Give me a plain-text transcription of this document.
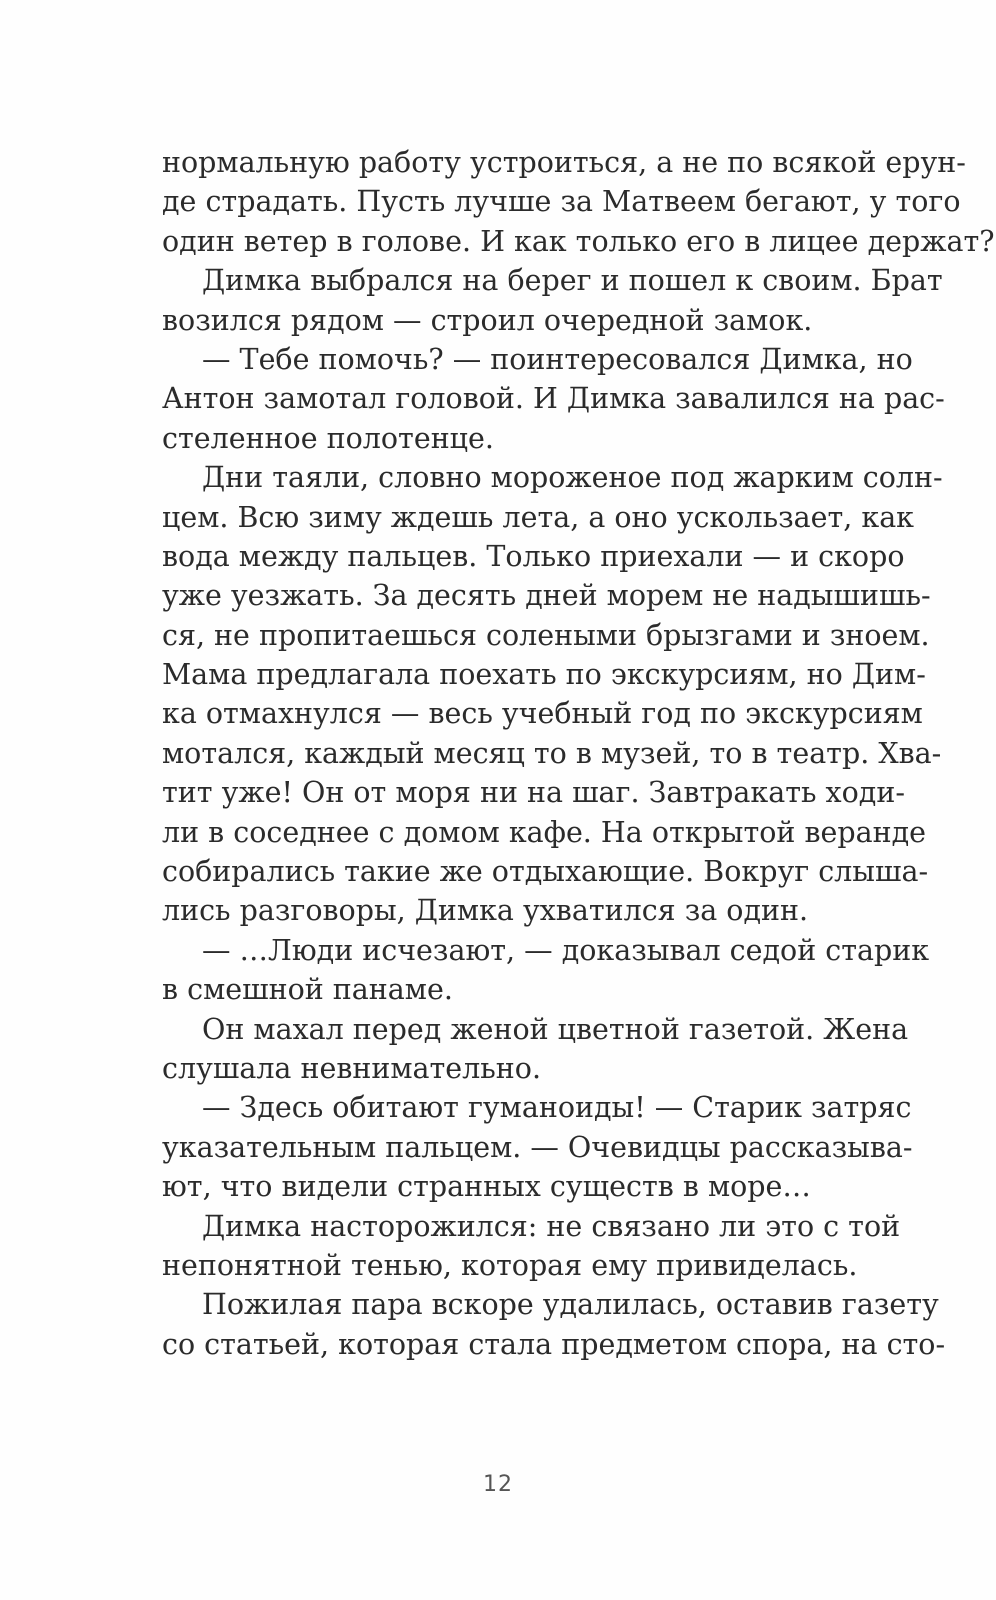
нормальную работу устроиться, а не по всякой ерун-
де страдать. Пусть лучше за Матвеем бегают, у того
один ветер в голове. И как только его в лицее держат?
Димка выбрался на берег и пошел к своим. Брат
возился рядом — строил очередной замок.
— Тебе помочь? — поинтересовался Димка, но
Антон замотал головой. И Димка завалился на рас-
стеленное полотенце.
Дни таяли, словно мороженое под жарким солн-
цем. Всю зиму ждешь лета, а оно ускользает, как
вода между пальцев. Только приехали — и скоро
уже уезжать. За десять дней морем не надышишь-
ся, не пропитаешься солеными брызгами и зноем.
Мама предлагала поехать по экскурсиям, но Дим-
ка отмахнулся — весь учебный год по экскурсиям
мотался, каждый месяц то в музей, то в театр. Хва-
тит уже! Он от моря ни на шаг. Завтракать ходи-
ли в соседнее с домом кафе. На открытой веранде
собирались такие же отдыхающие. Вокруг слыша-
лись разговоры, Димка ухватился за один.
— …Люди исчезают, — доказывал седой старик
в смешной панаме.
Он махал перед женой цветной газетой. Жена
слушала невнимательно.
— Здесь обитают гуманоиды! — Старик затряс
указательным пальцем. — Очевидцы рассказыва-
ют, что видели странных существ в море…
Димка насторожился: не связано ли это с той
непонятной тенью, которая ему привиделась.
Пожилая пара вскоре удалилась, оставив газету
со статьей, которая стала предметом спора, на сто-
12
